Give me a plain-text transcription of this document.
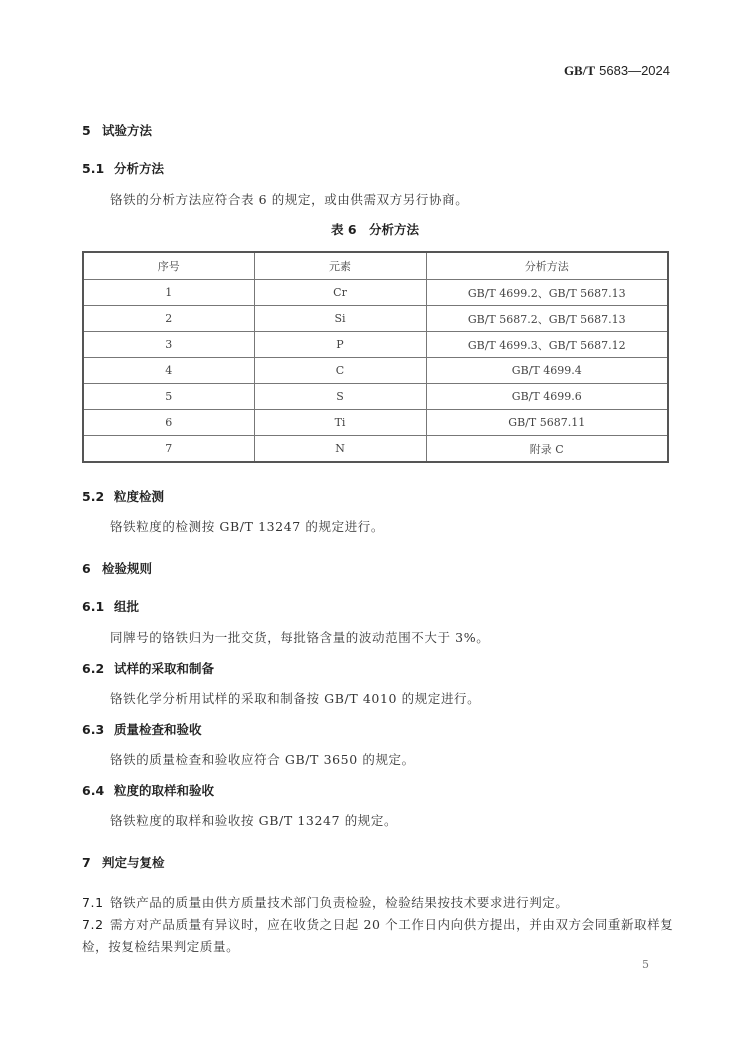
GB/T 5683—2024
5 试验方法
5.1 分析方法
铬铁的分析方法应符合表 6 的规定，或由供需双方另行协商。
表 6　分析方法
序号	元素	分析方法
1	Cr	GB/T 4699.2、GB/T 5687.13
2	Si	GB/T 5687.2、GB/T 5687.13
3	P	GB/T 4699.3、GB/T 5687.12
4	C	GB/T 4699.4
5	S	GB/T 4699.6
6	Ti	GB/T 5687.11
7	N	附录 C
5.2 粒度检测
铬铁粒度的检测按 GB/T 13247 的规定进行。
6 检验规则
6.1 组批
同牌号的铬铁归为一批交货，每批铬含量的波动范围不大于 3%。
6.2 试样的采取和制备
铬铁化学分析用试样的采取和制备按 GB/T 4010 的规定进行。
6.3 质量检查和验收
铬铁的质量检查和验收应符合 GB/T 3650 的规定。
6.4 粒度的取样和验收
铬铁粒度的取样和验收按 GB/T 13247 的规定。
7 判定与复检
7.1 铬铁产品的质量由供方质量技术部门负责检验，检验结果按技术要求进行判定。
7.2 需方对产品质量有异议时，应在收货之日起 20 个工作日内向供方提出，并由双方会同重新取样复
检，按复检结果判定质量。
5
